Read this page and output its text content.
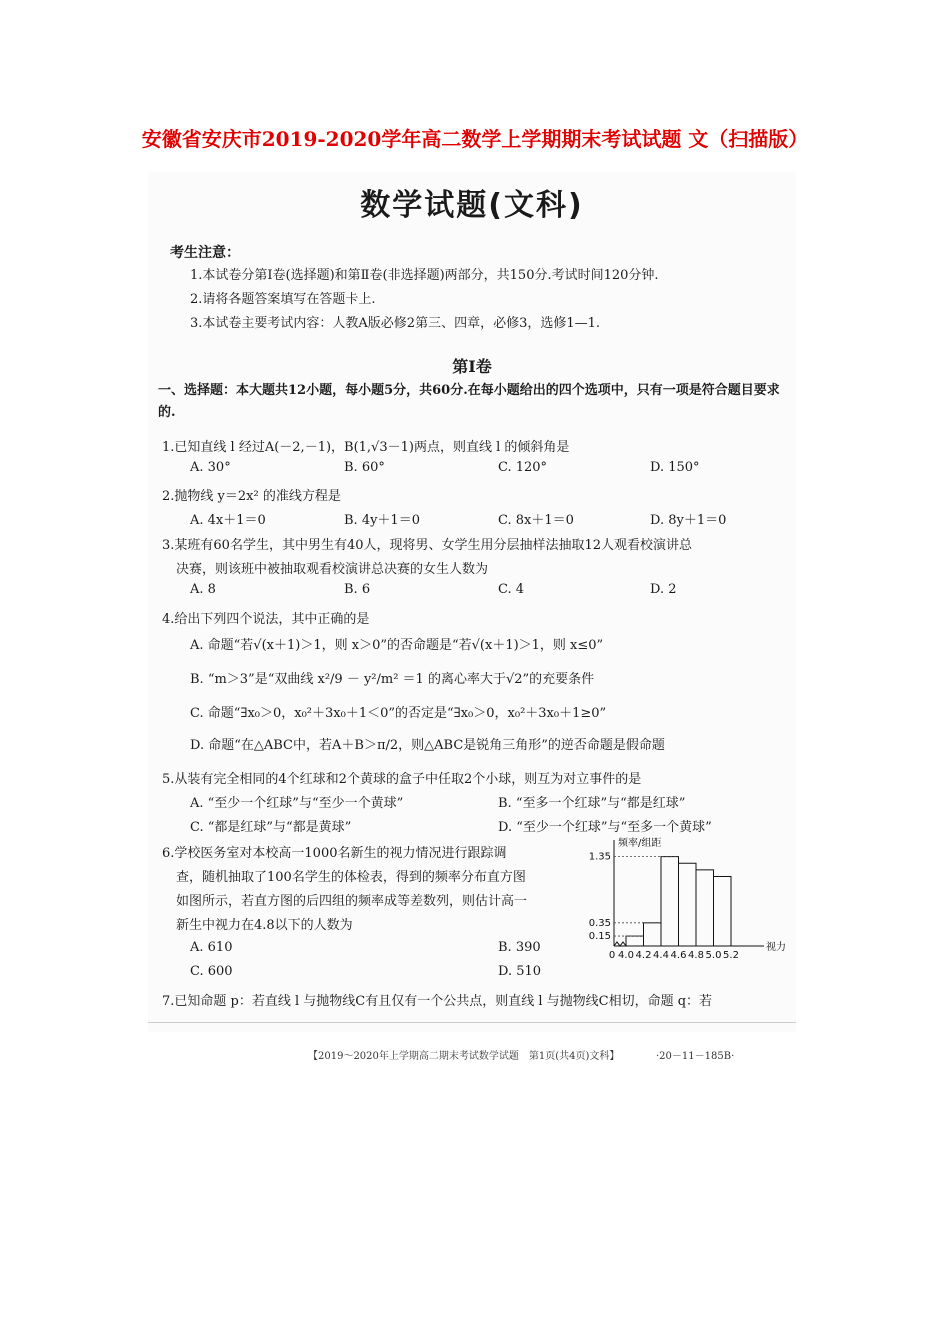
安徽省安庆市2019-2020学年高二数学上学期期末考试试题 文（扫描版）
数学试题(文科)
考生注意：
1.本试卷分第Ⅰ卷(选择题)和第Ⅱ卷(非选择题)两部分，共150分.考试时间120分钟.
2.请将各题答案填写在答题卡上.
3.本试卷主要考试内容：人教A版必修2第三、四章，必修3，选修1—1.
第Ⅰ卷
一、选择题：本大题共12小题，每小题5分，共60分.在每小题给出的四个选项中，只有一项是符合题目要求的.
1.已知直线 l 经过A(－2,－1)，B(1,√3－1)两点，则直线 l 的倾斜角是
A. 30°	B. 60°	C. 120°	D. 150°
2.抛物线 y＝2x² 的准线方程是
A. 4x＋1＝0	B. 4y＋1＝0	C. 8x＋1＝0	D. 8y＋1＝0
3.某班有60名学生，其中男生有40人，现将男、女学生用分层抽样法抽取12人观看校演讲总
决赛，则该班中被抽取观看校演讲总决赛的女生人数为
A. 8	B. 6	C. 4	D. 2
4.给出下列四个说法，其中正确的是
A. 命题“若√(x＋1)＞1，则 x＞0”的否命题是“若√(x＋1)＞1，则 x≤0”
B. “m＞3”是“双曲线 x²/9 － y²/m² ＝1 的离心率大于√2”的充要条件
C. 命题“∃x₀＞0，x₀²＋3x₀＋1＜0”的否定是“∃x₀＞0，x₀²＋3x₀＋1≥0”
D. 命题“在△ABC中，若A＋B＞π/2，则△ABC是锐角三角形”的逆否命题是假命题
5.从装有完全相同的4个红球和2个黄球的盒子中任取2个小球，则互为对立事件的是
A. “至少一个红球”与“至少一个黄球”	B. “至多一个红球”与“都是红球”
C. “都是红球”与“都是黄球”	D. “至少一个红球”与“至多一个黄球”
6.学校医务室对本校高一1000名新生的视力情况进行跟踪调
查，随机抽取了100名学生的体检表，得到的频率分布直方图
如图所示，若直方图的后四组的频率成等差数列，则估计高一
新生中视力在4.8以下的人数为
A. 610	B. 390
C. 600	D. 510
7.已知命题 p：若直线 l 与抛物线C有且仅有一个公共点，则直线 l 与抛物线C相切，命题 q：若
0.15
0.35
1.35
0 4.0 4.2 4.4 4.6 4.8 5.0 5.2
频率/组距
视力
【2019～2020年上学期高二期末考试数学试题　第1页(共4页)文科】	·20－11－185B·
